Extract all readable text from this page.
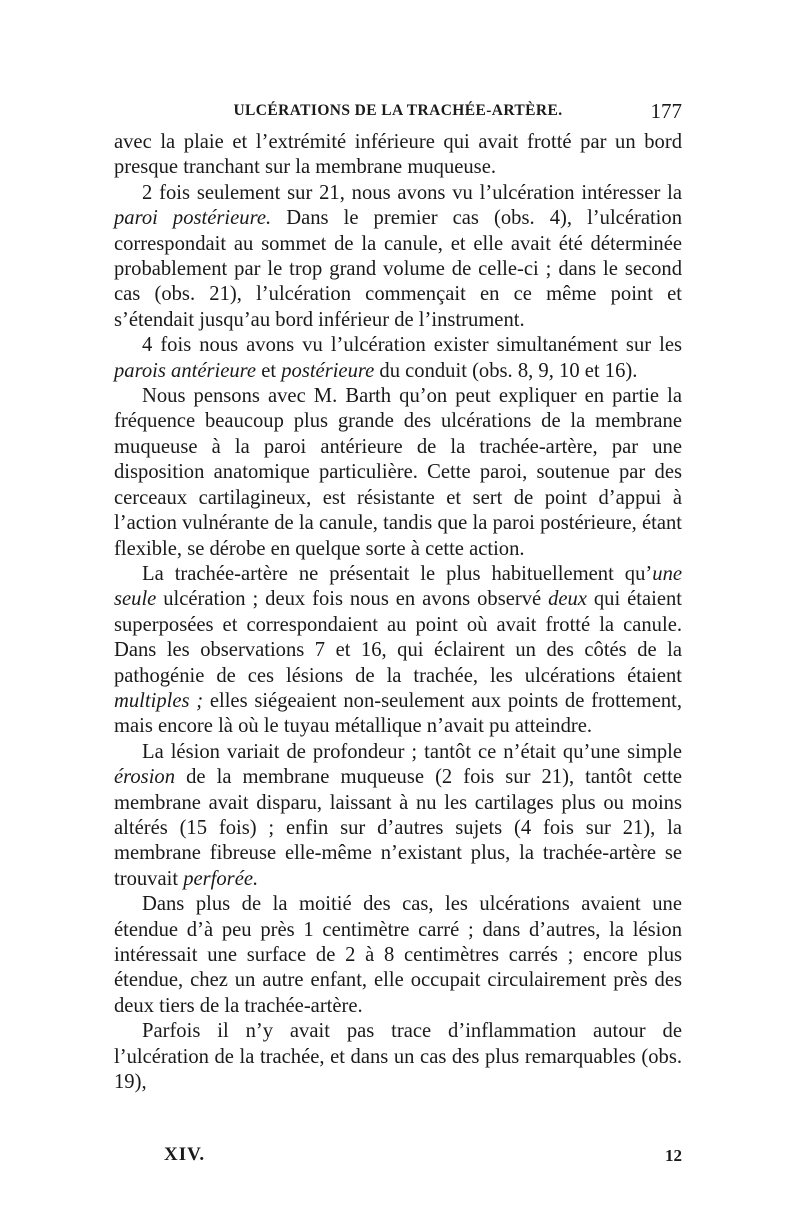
ULCÉRATIONS DE LA TRACHÉE-ARTÈRE.	177

avec la plaie et l’extrémité inférieure qui avait frotté par un bord presque tranchant sur la membrane muqueuse.

2 fois seulement sur 21, nous avons vu l’ulcération intéresser la paroi postérieure. Dans le premier cas (obs. 4), l’ulcération correspondait au sommet de la canule, et elle avait été déterminée probablement par le trop grand volume de celle-ci ; dans le second cas (obs. 21), l’ulcération commençait en ce même point et s’étendait jusqu’au bord inférieur de l’instrument.

4 fois nous avons vu l’ulcération exister simultanément sur les parois antérieure et postérieure du conduit (obs. 8, 9, 10 et 16).

Nous pensons avec M. Barth qu’on peut expliquer en partie la fréquence beaucoup plus grande des ulcérations de la membrane muqueuse à la paroi antérieure de la trachée-artère, par une disposition anatomique particulière. Cette paroi, soutenue par des cerceaux cartilagineux, est résistante et sert de point d’appui à l’action vulnérante de la canule, tandis que la paroi postérieure, étant flexible, se dérobe en quelque sorte à cette action.

La trachée-artère ne présentait le plus habituellement qu’une seule ulcération ; deux fois nous en avons observé deux qui étaient superposées et correspondaient au point où avait frotté la canule. Dans les observations 7 et 16, qui éclairent un des côtés de la pathogénie de ces lésions de la trachée, les ulcérations étaient multiples ; elles siégeaient non-seulement aux points de frottement, mais encore là où le tuyau métallique n’avait pu atteindre.

La lésion variait de profondeur ; tantôt ce n’était qu’une simple érosion de la membrane muqueuse (2 fois sur 21), tantôt cette membrane avait disparu, laissant à nu les cartilages plus ou moins altérés (15 fois) ; enfin sur d’autres sujets (4 fois sur 21), la membrane fibreuse elle-même n’existant plus, la trachée-artère se trouvait perforée.

Dans plus de la moitié des cas, les ulcérations avaient une étendue d’à peu près 1 centimètre carré ; dans d’autres, la lésion intéressait une surface de 2 à 8 centimètres carrés ; encore plus étendue, chez un autre enfant, elle occupait circulairement près des deux tiers de la trachée-artère.

Parfois il n’y avait pas trace d’inflammation autour de l’ulcération de la trachée, et dans un cas des plus remarquables (obs. 19),

XIV.	12
